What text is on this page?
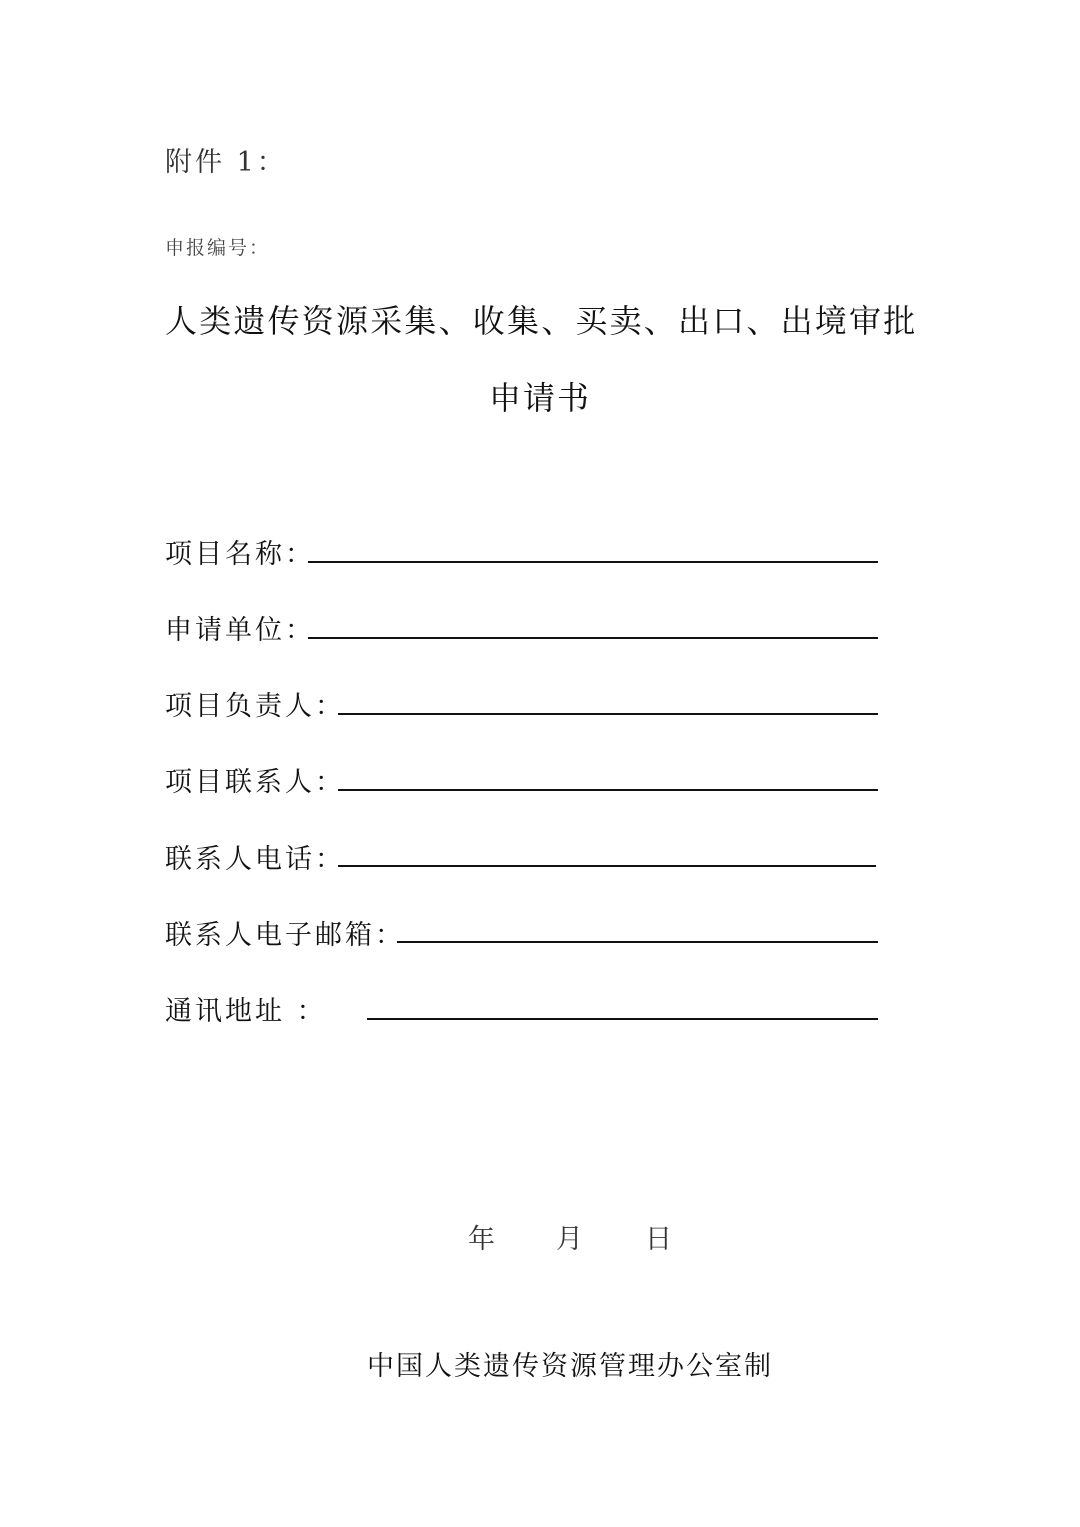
附件 1：
申报编号：
人类遗传资源采集、收集、买卖、出口、出境审批
申请书
项目名称：
申请单位：
项目负责人：
项目联系人：
联系人电话：
联系人电子邮箱：
通讯地址 ：
年 月 日
中国人类遗传资源管理办公室制
